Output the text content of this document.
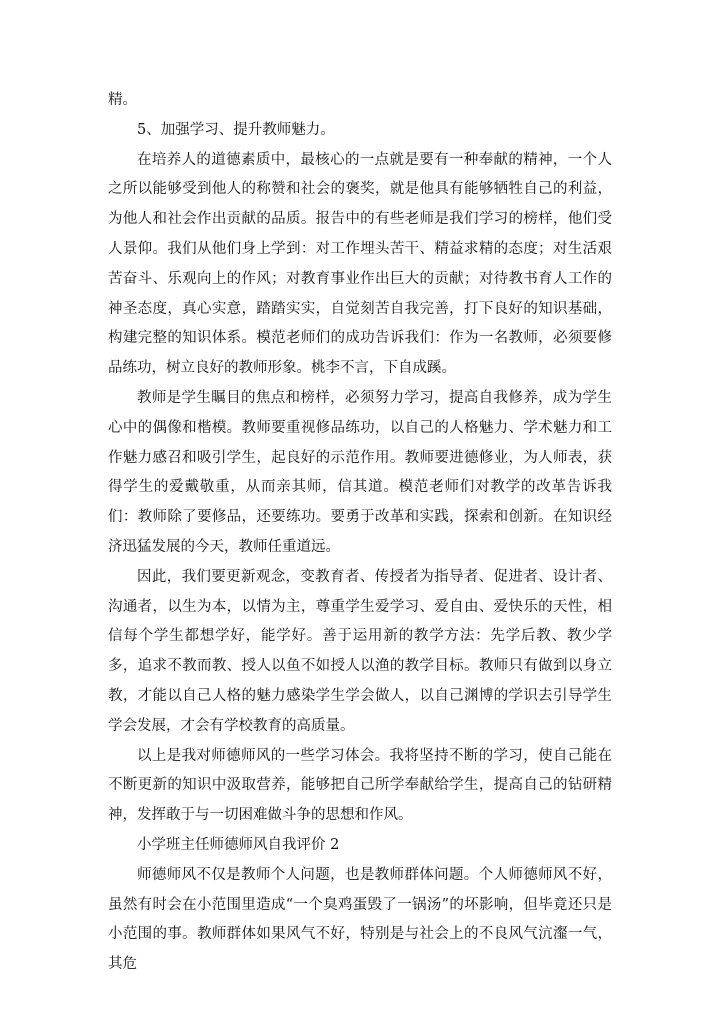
精。

5、加强学习、提升教师魅力。

在培养人的道德素质中，最核心的一点就是要有一种奉献的精神，一个人之所以能够受到他人的称赞和社会的褒奖，就是他具有能够牺牲自己的利益，为他人和社会作出贡献的品质。报告中的有些老师是我们学习的榜样，他们受人景仰。我们从他们身上学到：对工作埋头苦干、精益求精的态度；对生活艰苦奋斗、乐观向上的作风；对教育事业作出巨大的贡献；对待教书育人工作的神圣态度，真心实意，踏踏实实，自觉刻苦自我完善，打下良好的知识基础，构建完整的知识体系。模范老师们的成功告诉我们：作为一名教师，必须要修品练功，树立良好的教师形象。桃李不言，下自成蹊。

教师是学生瞩目的焦点和榜样，必须努力学习，提高自我修养，成为学生心中的偶像和楷模。教师要重视修品练功，以自己的人格魅力、学术魅力和工作魅力感召和吸引学生，起良好的示范作用。教师要进德修业，为人师表，获得学生的爱戴敬重，从而亲其师，信其道。模范老师们对教学的改革告诉我们：教师除了要修品，还要练功。要勇于改革和实践，探索和创新。在知识经济迅猛发展的今天，教师任重道远。

因此，我们要更新观念，变教育者、传授者为指导者、促进者、设计者、沟通者，以生为本，以情为主，尊重学生爱学习、爱自由、爱快乐的天性，相信每个学生都想学好，能学好。善于运用新的教学方法：先学后教、教少学多，追求不教而教、授人以鱼不如授人以渔的教学目标。教师只有做到以身立教，才能以自己人格的魅力感染学生学会做人，以自己渊博的学识去引导学生学会发展，才会有学校教育的高质量。

以上是我对师德师风的一些学习体会。我将坚持不断的学习，使自己能在不断更新的知识中汲取营养，能够把自己所学奉献给学生，提高自己的钻研精神，发挥敢于与一切困难做斗争的思想和作风。

小学班主任师德师风自我评价 2

师德师风不仅是教师个人问题，也是教师群体问题。个人师德师风不好，虽然有时会在小范围里造成“一个臭鸡蛋毁了一锅汤”的坏影响，但毕竟还只是小范围的事。教师群体如果风气不好，特别是与社会上的不良风气沆瀣一气，其危
